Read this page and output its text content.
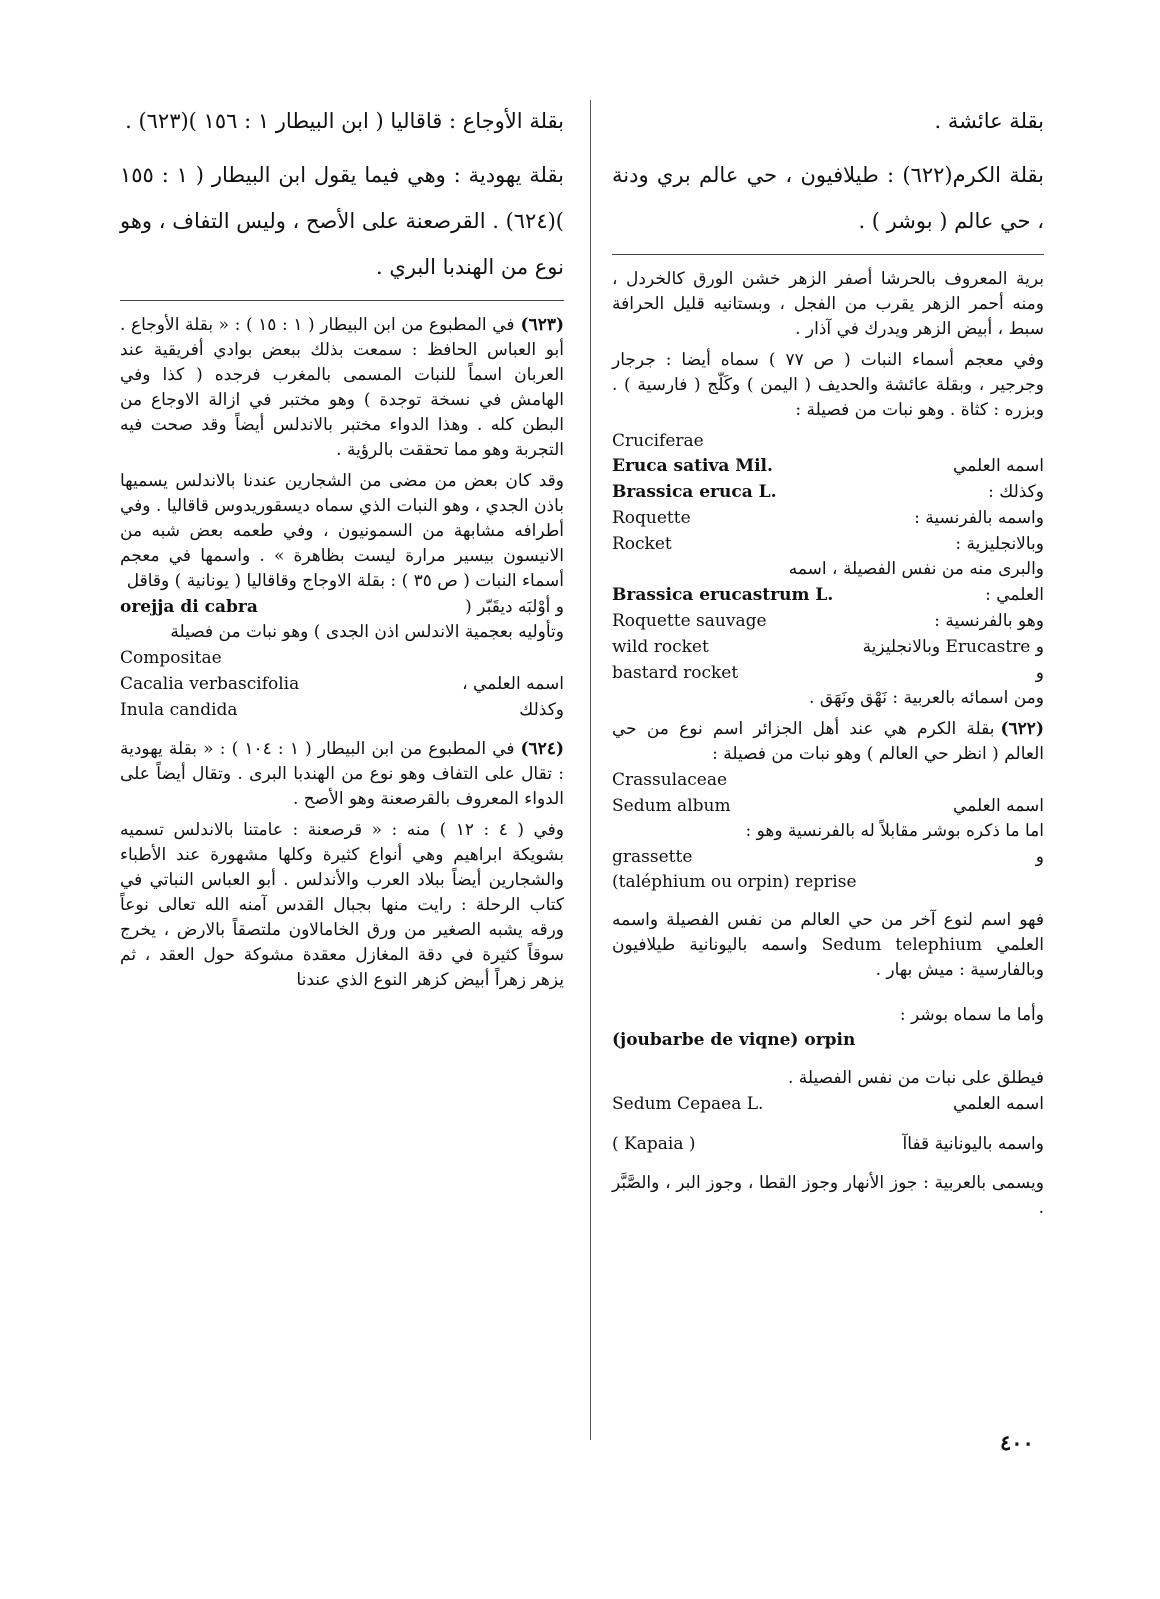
بقلة عائشة .

بقلة الكرم(٦٢٢) : طيلافيون ، حي عالم بري ودنة ، حي عالم ( بوشر ) .

برية المعروف بالحرشا أصفر الزهر خشن الورق كالخردل ، ومنه أحمر الزهر يقرب من الفجل ، وبستانيه قليل الحرافة سبط ، أبيض الزهر ويدرك في آذار .

وفي معجم أسماء النبات ( ص ٧٧ ) سماه أيضا : جرجار وجرجير ، وبقلة عائشة والحديف ( اليمن ) وكَلّج ( فارسية ) . وبزره : كثاة . وهو نبات من فصيلة :

Cruciferae
اسمه العلمي
Eruca sativa Mil.
وكذلك :
Brassica eruca L.
واسمه بالفرنسية :
Roquette
وبالانجليزية :
Rocket

والبرى منه من نفس الفصيلة ، اسمه

العلمي :
Brassica erucastrum L.
وهو بالفرنسية :
Roquette sauvage
و Erucastre وبالانجليزية
wild rocket
و
bastard rocket

ومن اسمائه بالعربية : نَهْق ونَهَق .

(٦٢٢)بقلة الكرم هي عند أهل الجزائر اسم نوع من حي العالم ( انظر حي العالم ) وهو نبات من فصيلة :

Crassulaceae
اسمه العلمي
Sedum album

اما ما ذكره بوشر مقابلاً له بالفرنسية وهو :

و
grassette
(taléphium ou orpin) reprise

فهو اسم لنوع آخر من حي العالم من نفس الفصيلة واسمه العلمي Sedum telephium واسمه باليونانية طيلافيون وبالفارسية : ميش بهار .

وأما ما سماه بوشر :

(joubarbe de viqne) orpin

فيطلق على نبات من نفس الفصيلة .

اسمه العلمي
Sedum Cepaea L.
واسمه باليونانية قفاآ
( Kapaia )

ويسمى بالعربية : جوز الأنهار وجوز القطا ، وجوز البر ، والصَّبَّر .

بقلة الأوجاع : قاقاليا ( ابن البيطار ١ : ١٥٦ )(٦٢٣) .

بقلة يهودية : وهي فيما يقول ابن البيطار ( ١ : ١٥٥ )(٦٢٤) . القرصعنة على الأصح ، وليس التفاف ، وهو نوع من الهندبا البري .

(٦٢٣)في المطبوع من ابن البيطار ( ١ : ١٥ ) : « بقلة الأوجاع . أبو العباس الحافظ : سمعت بذلك ببعض بوادي أفريقية عند العربان اسماً للنبات المسمى بالمغرب فرجده ( كذا وفي الهامش في نسخة توجدة ) وهو مختبر في ازالة الاوجاع من البطن كله . وهذا الدواء مختبر بالاندلس أيضاً وقد صحت فيه التجربة وهو مما تحققت بالرؤية .

وقد كان بعض من مضى من الشجارين عندنا بالاندلس يسميها باذن الجدي ، وهو النبات الذي سماه ديسقوريدوس قاقاليا . وفي أطرافه مشابهة من السمونيون ، وفي طعمه بعض شبه من الانيسون بيسير مرارة ليست بظاهرة » . واسمها في معجم أسماء النبات ( ص ٣٥ ) : بقلة الاوجاج وقاقاليا ( يونانية ) وقاقل

و أوْلبَه ديقَبّر (
orejja di cabra

وتأوليه بعجمية الاندلس اذن الجدى ) وهو نبات من فصيلة

Compositae
اسمه العلمي ،
Cacalia verbascifolia
وكذلك
Inula candida

(٦٢٤)في المطبوع من ابن البيطار ( ١ : ١٠٤ ) : « بقلة يهودية : تقال على التفاف وهو نوع من الهندبا البرى . وتقال أيضاً على الدواء المعروف بالقرصعنة وهو الأصح .

وفي ( ٤ : ١٢ ) منه : « قرصعنة : عامتنا بالاندلس تسميه بشويكة ابراهيم وهي أنواع كثيرة وكلها مشهورة عند الأطباء والشجارين أيضاً ببلاد العرب والأندلس . أبو العباس النباتي في كتاب الرحلة : رايت منها بجبال القدس آمنه الله تعالى نوعاً ورقه يشبه الصغير من ورق الخامالاون ملتصقاً بالارض ، يخرج سوقاً كثيرة في دقة المغازل معقدة مشوكة حول العقد ، ثم يزهر زهراً أبيض كزهر النوع الذي عندنا

٤٠٠
